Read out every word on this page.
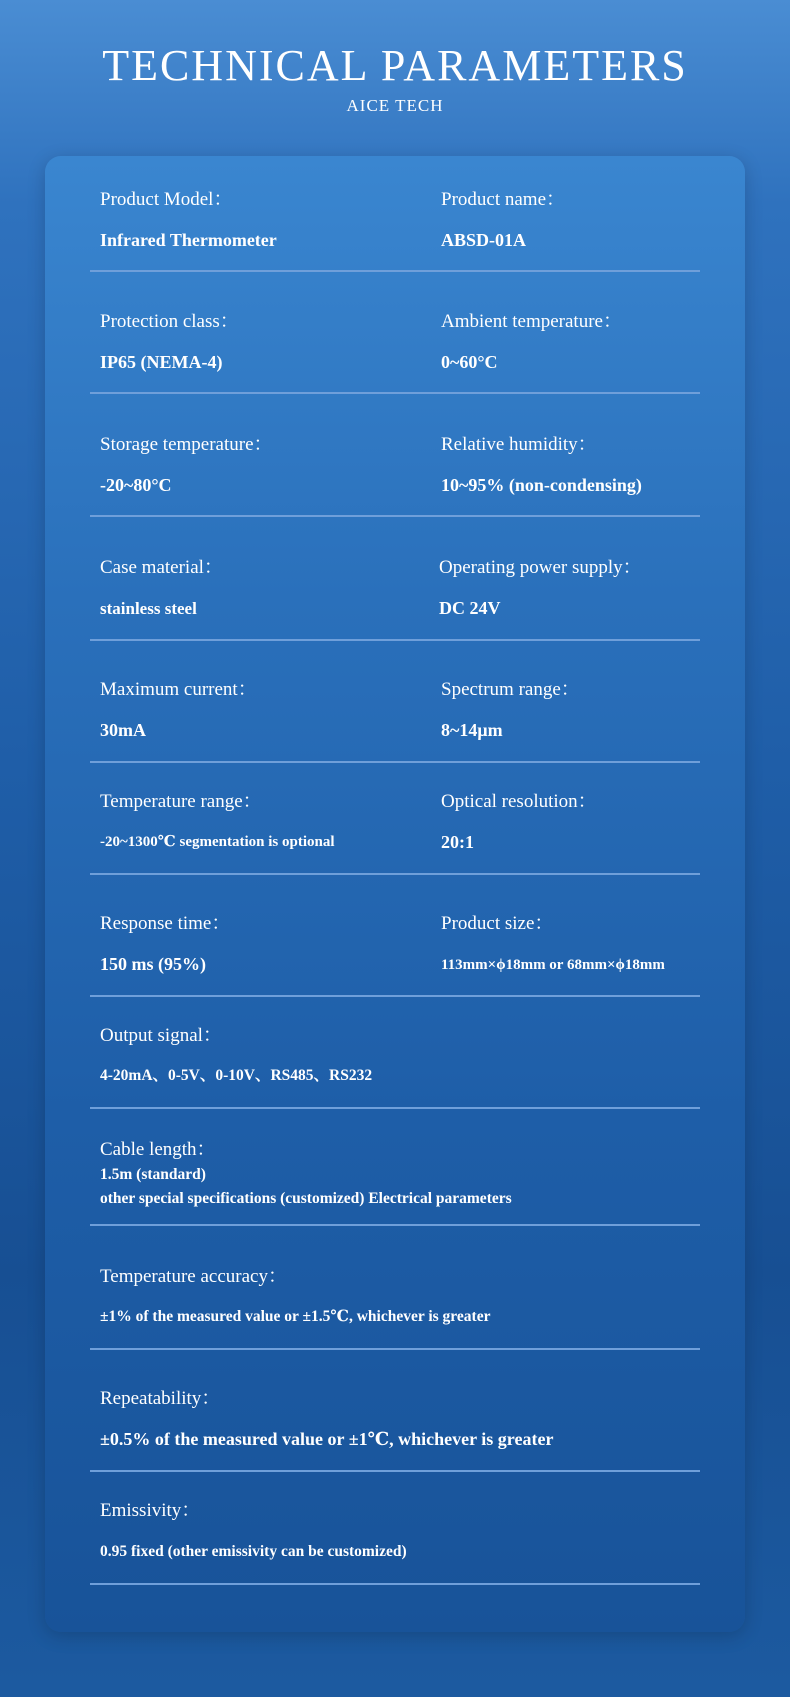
TECHNICAL PARAMETERS
AICE TECH
Product Model：
Infrared Thermometer
Product name：
ABSD-01A
Protection class：
IP65 (NEMA-4)
Ambient temperature：
0~60°C
Storage temperature：
-20~80°C
Relative humidity：
10~95% (non-condensing)
Case material：
stainless steel
Operating power supply：
DC 24V
Maximum current：
30mA
Spectrum range：
8~14μm
Temperature range：
-20~1300℃ segmentation is optional
Optical resolution：
20:1
Response time：
150 ms (95%)
Product size：
113mm×ϕ18mm or 68mm×ϕ18mm
Output signal：
4-20mA、0-5V、0-10V、RS485、RS232
Cable length：
1.5m (standard)
other special specifications (customized) Electrical parameters
Temperature accuracy：
±1% of the measured value or ±1.5℃, whichever is greater
Repeatability：
±0.5% of the measured value or ±1℃, whichever is greater
Emissivity：
0.95 fixed (other emissivity can be customized)
